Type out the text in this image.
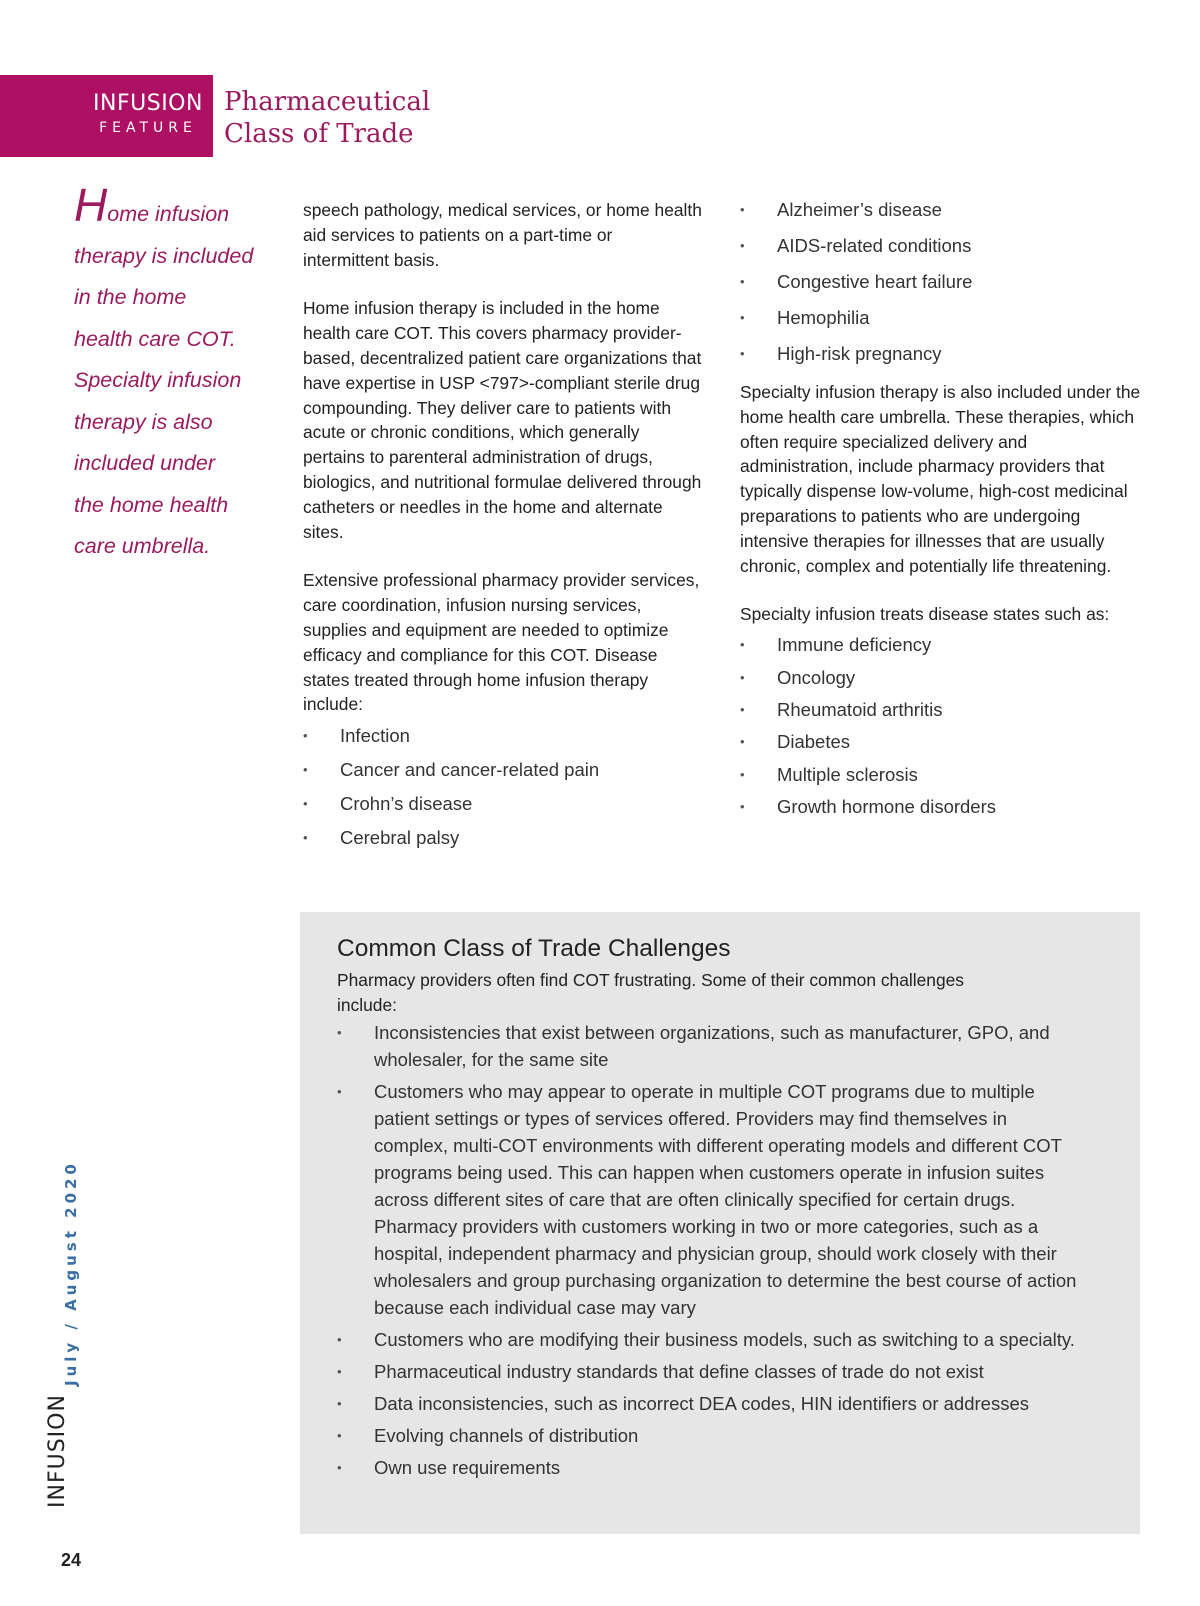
INFUSION
FEATURE
Pharmaceutical
Class of Trade
Home infusion
therapy is included
in the home
health care COT.
Specialty infusion
therapy is also
included under
the home health
care umbrella.

speech pathology, medical services, or home health aid services to patients on a part-time or intermittent basis.

Home infusion therapy is included in the home health care COT. This covers pharmacy provider-based, decentralized patient care organizations that have expertise in USP <797>-compliant sterile drug compounding. They deliver care to patients with acute or chronic conditions, which generally pertains to parenteral administration of drugs, biologics, and nutritional formulae delivered through catheters or needles in the home and alternate sites.

Extensive professional pharmacy provider services, care coordination, infusion nursing services, supplies and equipment are needed to optimize efficacy and compliance for this COT. Disease states treated through home infusion therapy include:

• Infection
• Cancer and cancer-related pain
• Crohn’s disease
• Cerebral palsy
• Alzheimer’s disease
• AIDS-related conditions
• Congestive heart failure
• Hemophilia
• High-risk pregnancy

Specialty infusion therapy is also included under the home health care umbrella. These therapies, which often require specialized delivery and administration, include pharmacy providers that typically dispense low-volume, high-cost medicinal preparations to patients who are undergoing intensive therapies for illnesses that are usually chronic, complex and potentially life threatening.

Specialty infusion treats disease states such as:

• Immune deficiency
• Oncology
• Rheumatoid arthritis
• Diabetes
• Multiple sclerosis
• Growth hormone disorders
Common Class of Trade Challenges
Pharmacy providers often find COT frustrating. Some of their common challenges include:
• Inconsistencies that exist between organizations, such as manufacturer, GPO, and wholesaler, for the same site
• Customers who may appear to operate in multiple COT programs due to multiple patient settings or types of services offered. Providers may find themselves in complex, multi-COT environments with different operating models and different COT programs being used. This can happen when customers operate in infusion suites across different sites of care that are often clinically specified for certain drugs. Pharmacy providers with customers working in two or more categories, such as a hospital, independent pharmacy and physician group, should work closely with their wholesalers and group purchasing organization to determine the best course of action because each individual case may vary
• Customers who are modifying their business models, such as switching to a specialty.
• Pharmaceutical industry standards that define classes of trade do not exist
• Data inconsistencies, such as incorrect DEA codes, HIN identifiers or addresses
• Evolving channels of distribution
• Own use requirements
INFUSION
July / August 2020
24
